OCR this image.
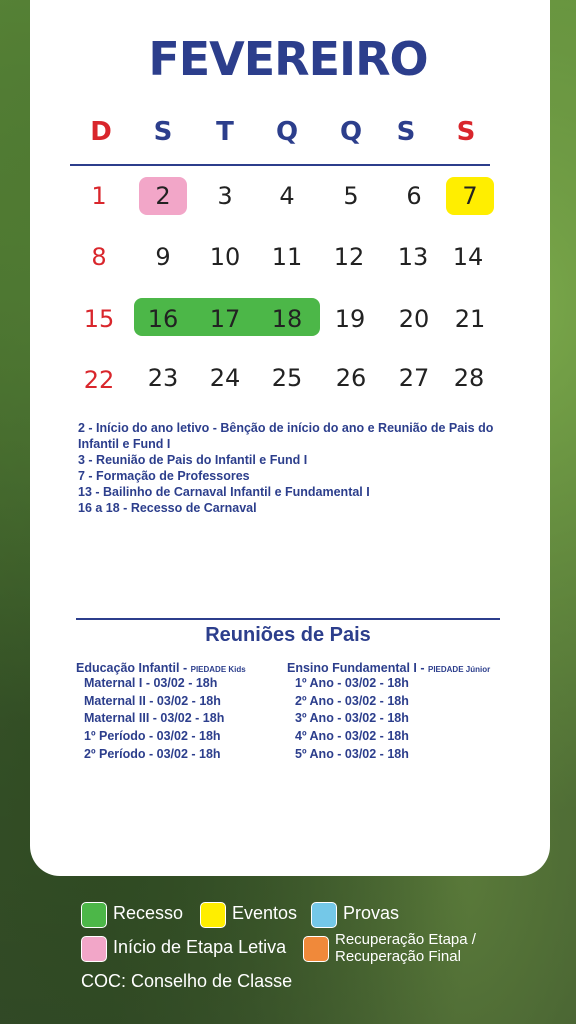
FEVEREIRO
D	S	T	Q	Q	S	S
1	2	3	4	5	6	7
8	9	10 11 12 13 14
15 16 17 18 19 20 21
22 23 24 25 26 27 28
2 - Início do ano letivo - Bênção de início do ano e Reunião de Pais do Infantil e Fund I
3 - Reunião de Pais do Infantil e Fund I
7 - Formação de Professores
13 - Bailinho de Carnaval Infantil e Fundamental I
16 a 18 - Recesso de Carnaval
Reuniões de Pais
Educação Infantil - PIEDADE Kids
Maternal I - 03/02 - 18h
Maternal II - 03/02 - 18h
Maternal III - 03/02 - 18h
1º Período - 03/02 - 18h
2º Período - 03/02 - 18h
Ensino Fundamental I - PIEDADE Júnior
1º Ano - 03/02 - 18h
2º Ano - 03/02 - 18h
3º Ano - 03/02 - 18h
4º Ano - 03/02 - 18h
5º Ano - 03/02 - 18h
Recesso	Eventos	Provas
Início de Etapa Letiva	Recuperação Etapa /
Recuperação Final
COC: Conselho de Classe
